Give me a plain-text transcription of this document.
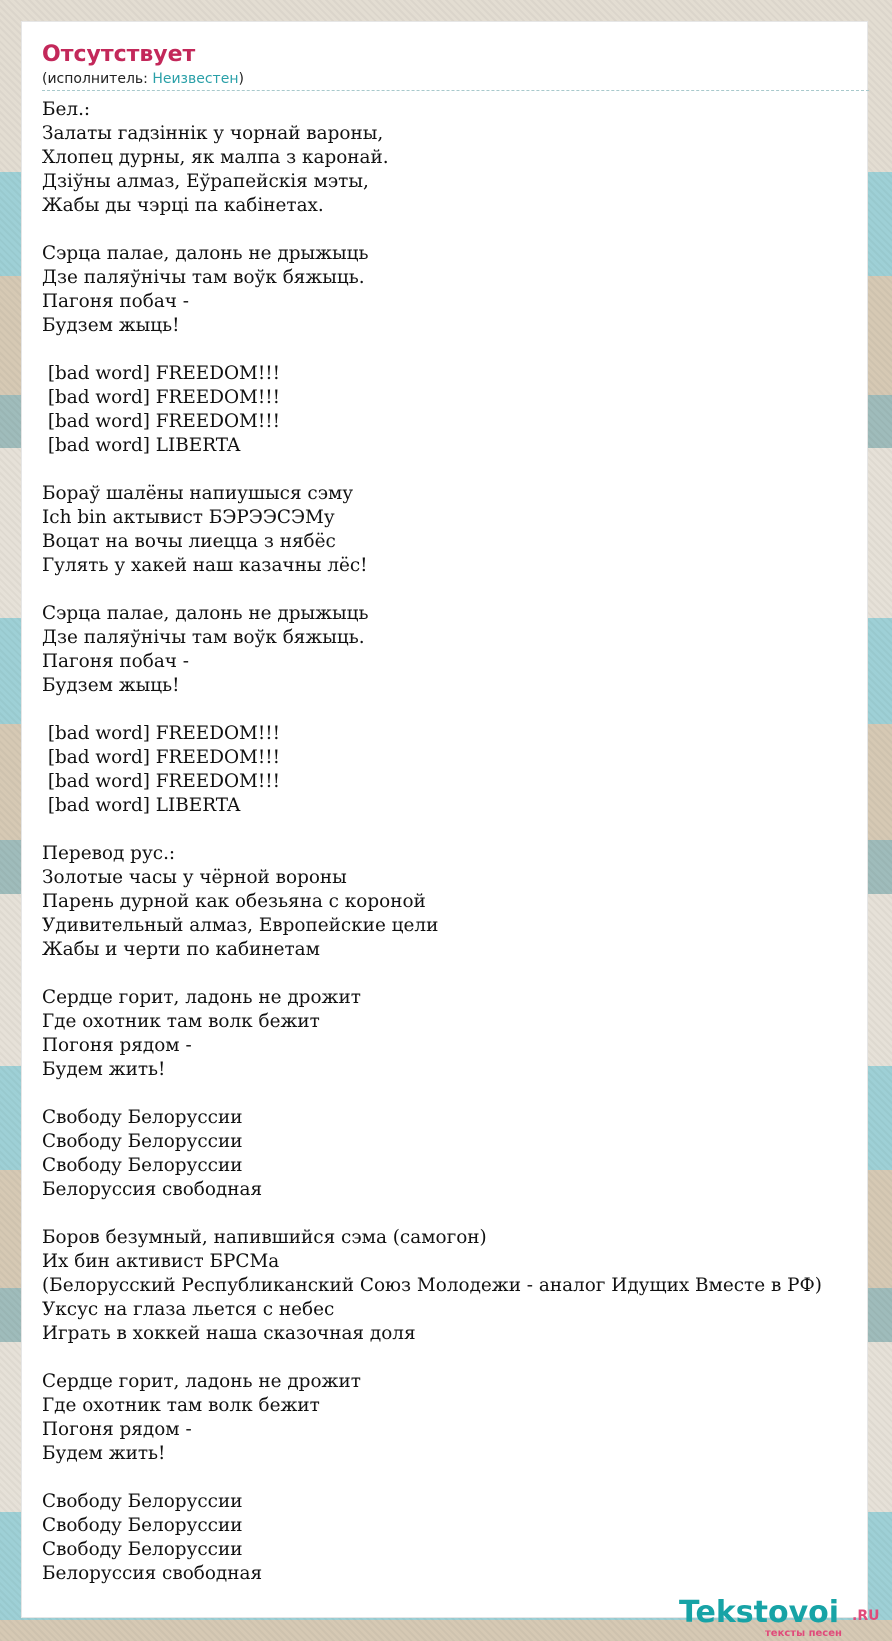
Отсутствует
(исполнитель: Неизвестен)
Бел.:
Залаты гадзіннік у чорнай вароны,
Хлопец дурны, як малпа з каронай.
Дзіўны алмаз, Еўрапейскія мэты,
Жабы ды чэрці па кабінетах.
Сэрца палае, далонь не дрыжыць
Дзе паляўнічы там воўк бяжыць.
Пагоня побач -
Будзем жыць!
[bad word] FREEDOM!!!
[bad word] FREEDOM!!!
[bad word] FREEDOM!!!
[bad word] LIBERTA
Бораў шалёны напиушыся сэму
Ich bin актывист БЭРЭЭСЭМу
Воцат на вочы лиецца з нябёс
Гулять у хакей наш казачны лёс!
Сэрца палае, далонь не дрыжыць
Дзе паляўнічы там воўк бяжыць.
Пагоня побач -
Будзем жыць!
[bad word] FREEDOM!!!
[bad word] FREEDOM!!!
[bad word] FREEDOM!!!
[bad word] LIBERTA
Перевод рус.:
Золотые часы у чёрной вороны
Парень дурной как обезьяна с короной
Удивительный алмаз, Европейские цели
Жабы и черти по кабинетам
Сердце горит, ладонь не дрожит
Где охотник там волк бежит
Погоня рядом -
Будем жить!
Свободу Белоруссии
Свободу Белоруссии
Свободу Белоруссии
Белоруссия свободная
Боров безумный, напившийся сэма (самогон)
Их бин активист БРСМа
(Белорусский Республиканский Союз Молодежи - аналог Идущих Вместе в РФ)
Уксус на глаза льется с небес
Играть в хоккей наша сказочная доля
Сердце горит, ладонь не дрожит
Где охотник там волк бежит
Погоня рядом -
Будем жить!
Свободу Белоруссии
Свободу Белоруссии
Свободу Белоруссии
Белоруссия свободная
Tekstovoi .RU
тексты песен
